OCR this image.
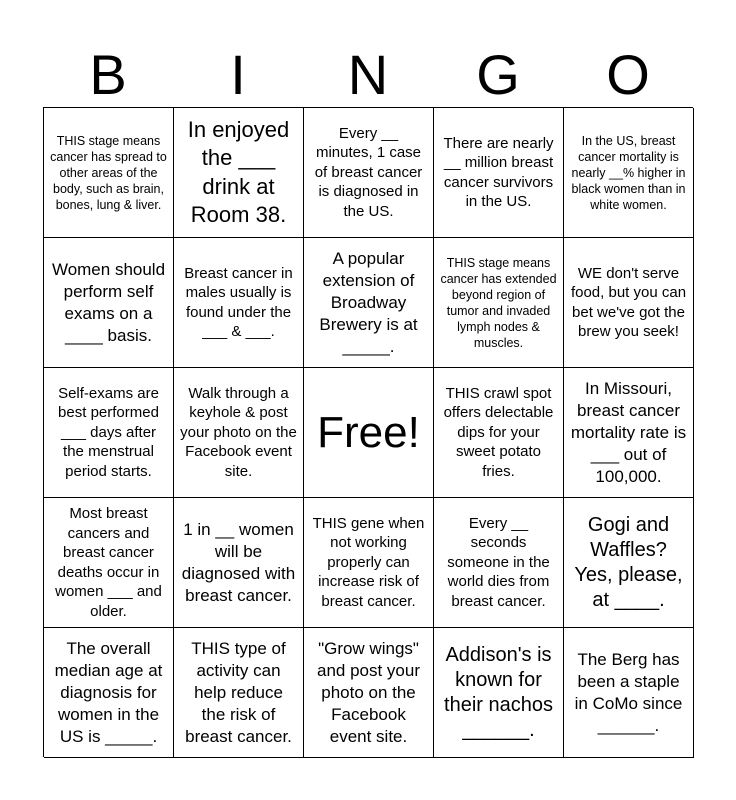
B	I	N	G	O
THIS stage means cancer has spread to other areas of the body, such as brain, bones, lung & liver.
In enjoyed the ___ drink at Room 38.
Every __ minutes, 1 case of breast cancer is diagnosed in the US.
There are nearly __ million breast cancer survivors in the US.
In the US, breast cancer mortality is nearly __% higher in black women than in white women.
Women should perform self exams on a ____ basis.
Breast cancer in males usually is found under the ___ & ___.
A popular extension of Broadway Brewery is at _____.
THIS stage means cancer has extended beyond region of tumor and invaded lymph nodes & muscles.
WE don't serve food, but you can bet we've got the brew you seek!
Self-exams are best performed ___ days after the menstrual period starts.
Walk through a keyhole & post your photo on the Facebook event site.
Free!
THIS crawl spot offers delectable dips for your sweet potato fries.
In Missouri, breast cancer mortality rate is ___ out of 100,000.
Most breast cancers and breast cancer deaths occur in women ___ and older.
1 in __ women will be diagnosed with breast cancer.
THIS gene when not working properly can increase risk of breast cancer.
Every __ seconds someone in the world dies from breast cancer.
Gogi and Waffles? Yes, please, at ____.
The overall median age at diagnosis for women in the US is _____.
THIS type of activity can help reduce the risk of breast cancer.
"Grow wings" and post your photo on the Facebook event site.
Addison's is known for their nachos ______.
The Berg has been a staple in CoMo since ______.
